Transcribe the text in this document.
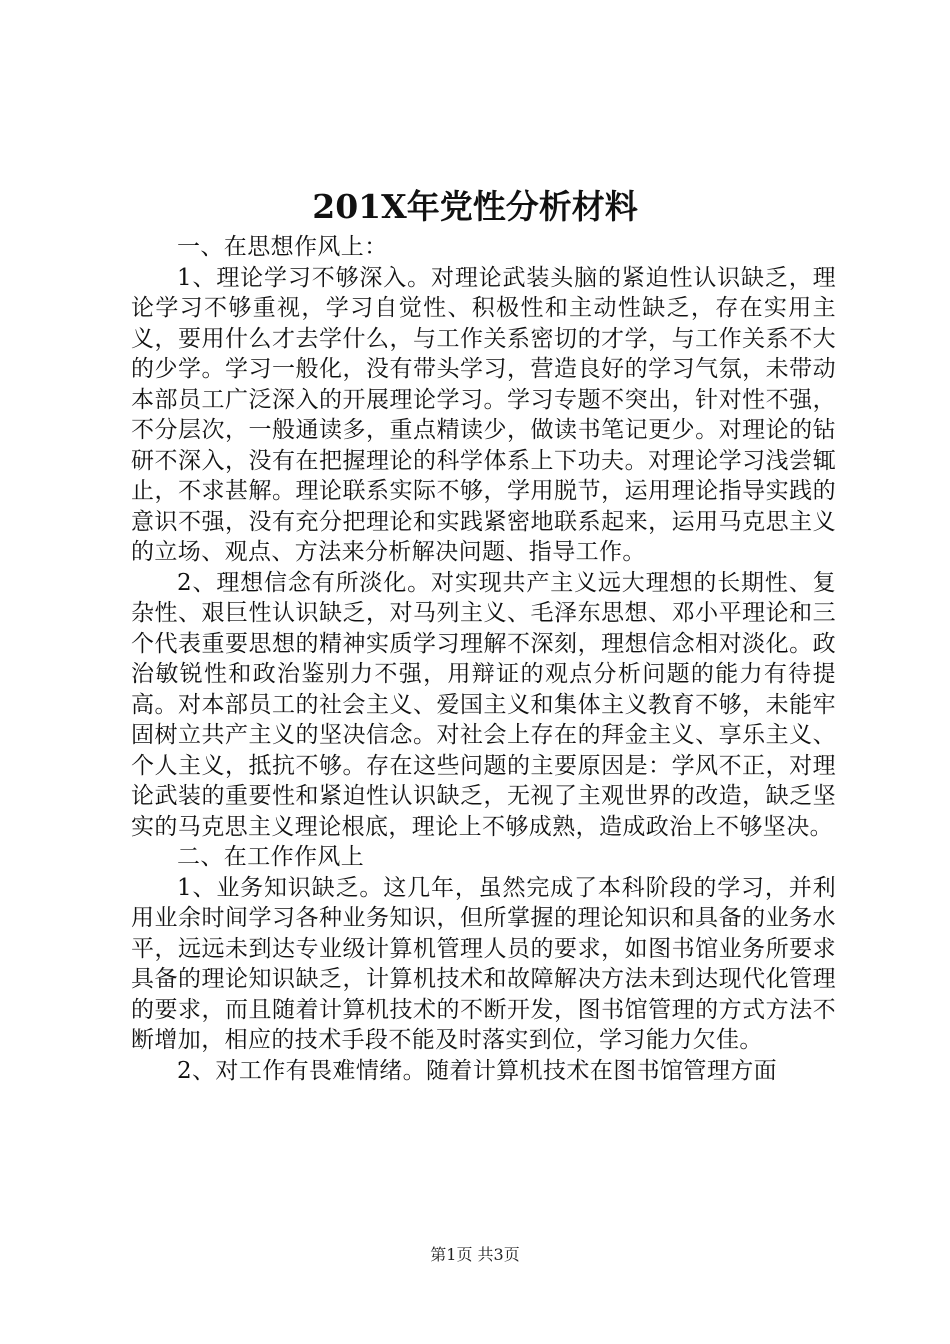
201X年党性分析材料

一、在思想作风上：

1、理论学习不够深入。对理论武装头脑的紧迫性认识缺乏，理论学习不够重视，学习自觉性、积极性和主动性缺乏，存在实用主义，要用什么才去学什么，与工作关系密切的才学，与工作关系不大的少学。学习一般化，没有带头学习，营造良好的学习气氛，未带动本部员工广泛深入的开展理论学习。学习专题不突出，针对性不强，不分层次，一般通读多，重点精读少，做读书笔记更少。对理论的钻研不深入，没有在把握理论的科学体系上下功夫。对理论学习浅尝辄止，不求甚解。理论联系实际不够，学用脱节，运用理论指导实践的意识不强，没有充分把理论和实践紧密地联系起来，运用马克思主义的立场、观点、方法来分析解决问题、指导工作。

2、理想信念有所淡化。对实现共产主义远大理想的长期性、复杂性、艰巨性认识缺乏，对马列主义、毛泽东思想、邓小平理论和三个代表重要思想的精神实质学习理解不深刻，理想信念相对淡化。政治敏锐性和政治鉴别力不强，用辩证的观点分析问题的能力有待提高。对本部员工的社会主义、爱国主义和集体主义教育不够，未能牢固树立共产主义的坚决信念。对社会上存在的拜金主义、享乐主义、个人主义，抵抗不够。存在这些问题的主要原因是：学风不正，对理论武装的重要性和紧迫性认识缺乏，无视了主观世界的改造，缺乏坚实的马克思主义理论根底，理论上不够成熟，造成政治上不够坚决。

二、在工作作风上

1、业务知识缺乏。这几年，虽然完成了本科阶段的学习，并利用业余时间学习各种业务知识，但所掌握的理论知识和具备的业务水平，远远未到达专业级计算机管理人员的要求，如图书馆业务所要求具备的理论知识缺乏，计算机技术和故障解决方法未到达现代化管理的要求，而且随着计算机技术的不断开发，图书馆管理的方式方法不断增加，相应的技术手段不能及时落实到位，学习能力欠佳。

2、对工作有畏难情绪。随着计算机技术在图书馆管理方面

第1页 共3页
